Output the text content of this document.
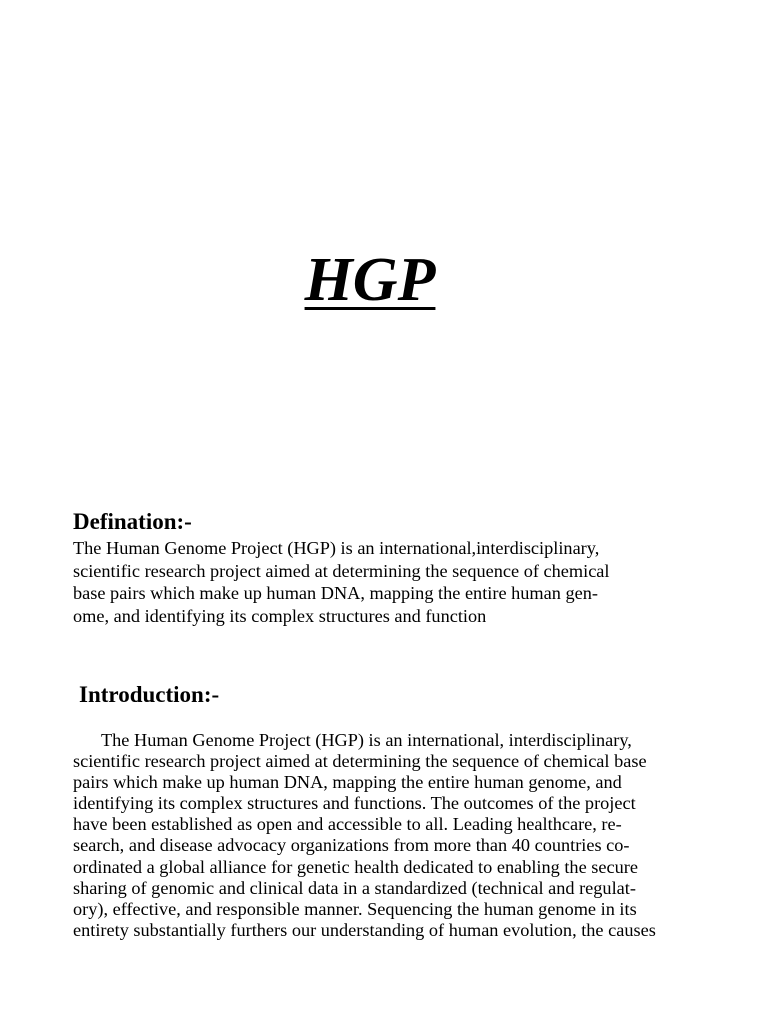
HGP
Defination:-

The Human Genome Project (HGP) is an international,interdisciplinary,
scientific research project aimed at determining the sequence of chemical
base pairs which make up human DNA, mapping the entire human gen-
ome, and identifying its complex structures and function

Introduction:-

The Human Genome Project (HGP) is an international, interdisciplinary,
scientific research project aimed at determining the sequence of chemical base
pairs which make up human DNA, mapping the entire human genome, and
identifying its complex structures and functions. The outcomes of the project
have been established as open and accessible to all. Leading healthcare, re-
search, and disease advocacy organizations from more than 40 countries co-
ordinated a global alliance for genetic health dedicated to enabling the secure
sharing of genomic and clinical data in a standardized (technical and regulat-
ory), effective, and responsible manner. Sequencing the human genome in its
entirety substantially furthers our understanding of human evolution, the causes
